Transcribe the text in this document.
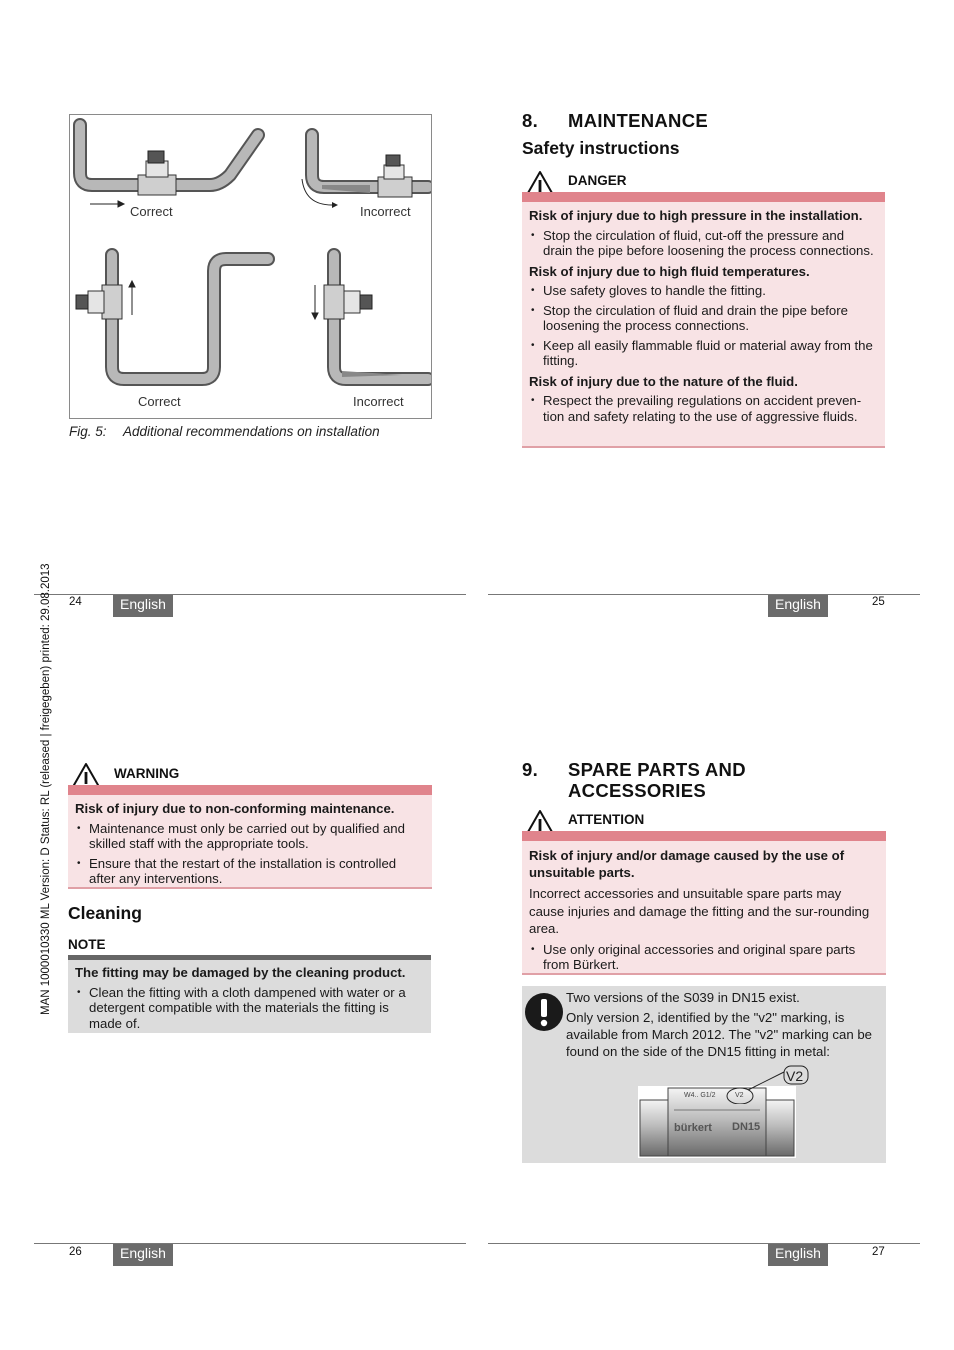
Correct	Incorrect
Correct	Incorrect
Fig. 5: Additional recommendations on installation
8. MAINTENANCE
Safety instructions
DANGER

Risk of injury due to high pressure in the installation.

• Stop the circulation of fluid, cut-off the pressure and drain the pipe before loosening the process connections.

Risk of injury due to high fluid temperatures.

• Use safety gloves to handle the fitting.
• Stop the circulation of fluid and drain the pipe before loosening the process connections.
• Keep all easily flammable fluid or material away from the fitting.

Risk of injury due to the nature of the fluid.

• Respect the prevailing regulations on accident preven-tion and safety relating to the use of aggressive fluids.
24	English	English	25
MAN 1000010330 ML Version: D Status: RL (released | freigegeben) printed: 29.08.2013	WARNING

Risk of injury due to non-conforming maintenance.

• Maintenance must only be carried out by qualified and skilled staff with the appropriate tools.
• Ensure that the restart of the installation is controlled after any interventions.
Cleaning
NOTE

The fitting may be damaged by the cleaning product.

• Clean the fitting with a cloth dampened with water or a detergent compatible with the materials the fitting is made of.
9. SPARE PARTS AND
ACCESSORIES
ATTENTION

Risk of injury and/or damage caused by the use of unsuitable parts.

Incorrect accessories and unsuitable spare parts may cause injuries and damage the fitting and the sur-rounding area.

• Use only original accessories and original spare parts from Bürkert.

Two versions of the S039 in DN15 exist.

Only version 2, identified by the "v2" marking, is available from March 2012. The "v2" marking can be found on the side of the DN15 fitting in metal:

W4.. G1/2	V2
bürkert DN15
V2
26	English	English	27
